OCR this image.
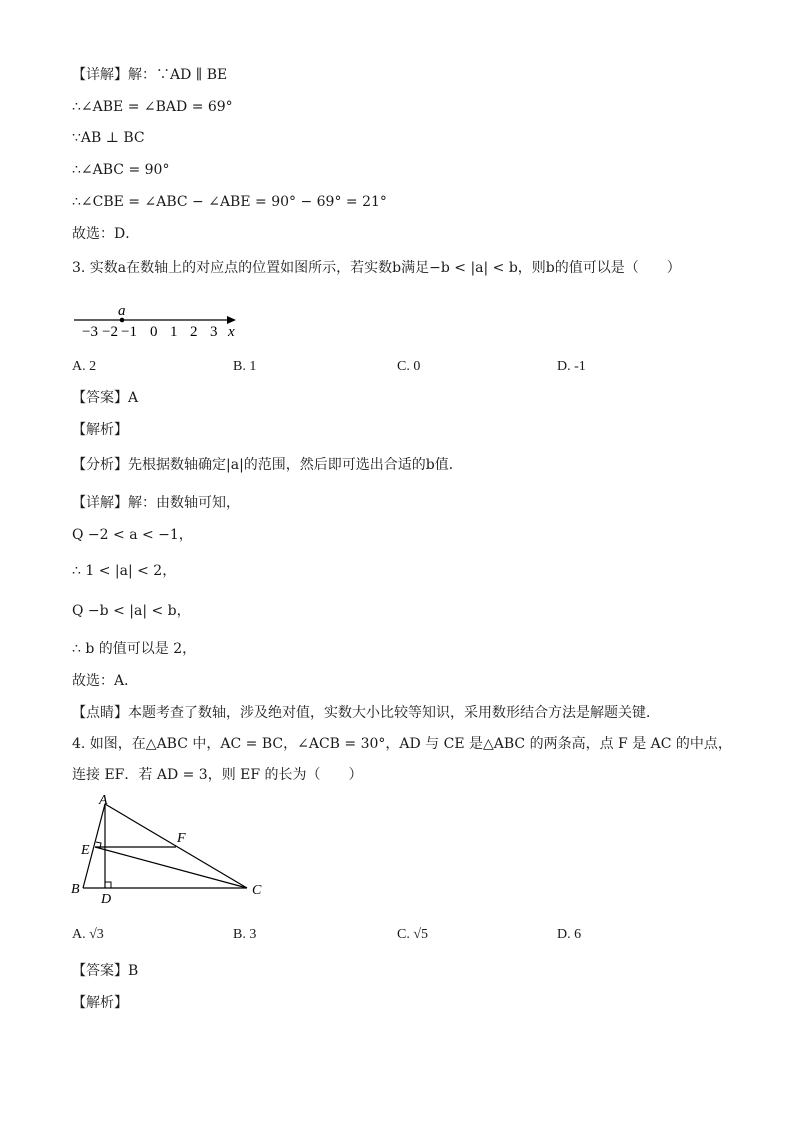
【详解】解：∵AD ∥ BE
∴∠ABE = ∠BAD = 69°
∵AB ⊥ BC
∴∠ABC = 90°
∴∠CBE = ∠ABC − ∠ABE = 90° − 69° = 21°
故选：D．
3. 实数a在数轴上的对应点的位置如图所示，若实数b满足−b < |a| < b，则b的值可以是（　　）
a
−3 −2 −1 0 1 2 3 x
A. 2	B. 1	C. 0	D. -1
【答案】A
【解析】
【分析】先根据数轴确定|a|的范围，然后即可选出合适的b值．
【详解】解：由数轴可知，
Q −2 < a < −1，
∴ 1 < |a| < 2，
Q −b < |a| < b，
∴ b 的值可以是 2，
故选：A．
【点睛】本题考查了数轴，涉及绝对值，实数大小比较等知识，采用数形结合方法是解题关键．
4. 如图，在△ABC 中，AC = BC，∠ACB = 30°，AD 与 CE 是△ABC 的两条高，点 F 是 AC 的中点，
连接 EF．若 AD = 3，则 EF 的长为（　　）
A
B	C
D
E
F
A. √3	B. 3	C. √5	D. 6
【答案】B
【解析】
